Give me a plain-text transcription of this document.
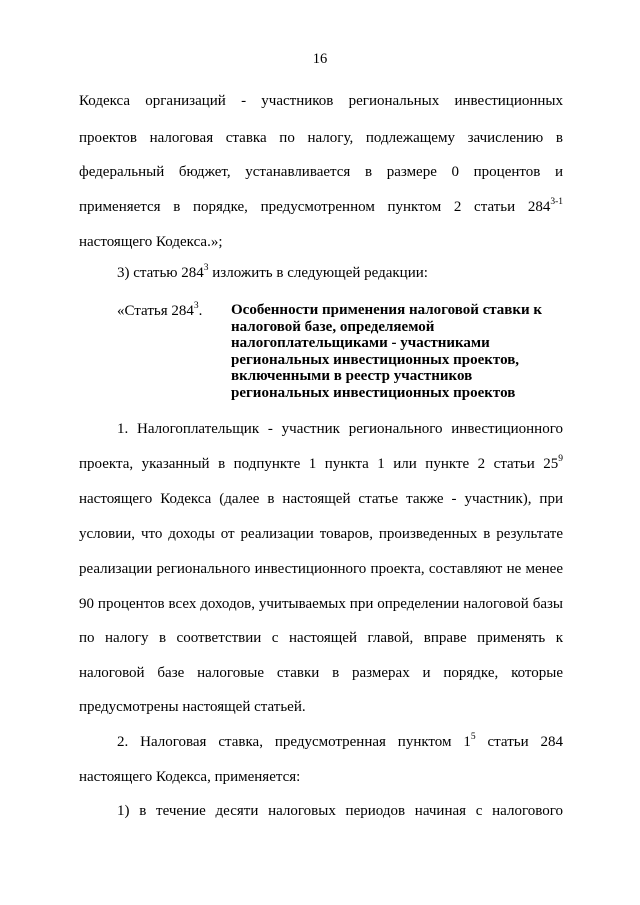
16
Кодекса организаций - участников региональных инвестиционных
проектов налоговая ставка по налогу, подлежащему зачислению в
федеральный бюджет, устанавливается в размере 0 процентов и
применяется в порядке, предусмотренном пунктом 2 статьи 284$^{3-1}$
настоящего Кодекса.»;
3) статью $284^3$ изложить в следующей редакции:
«Статья $284^3$. Особенности применения налоговой ставки к
налоговой базе, определяемой
налогоплательщиками - участниками
региональных инвестиционных проектов,
включенными в реестр участников
региональных инвестиционных проектов
1. Налогоплательщик - участник регионального инвестиционного
проекта, указанный в подпункте 1 пункта 1 или пункте 2 статьи $25^9$
настоящего Кодекса (далее в настоящей статье также - участник), при
условии, что доходы от реализации товаров, произведенных в результате
реализации регионального инвестиционного проекта, составляют не менее
90 процентов всех доходов, учитываемых при определении налоговой базы
по налогу в соответствии с настоящей главой, вправе применять к
налоговой базе налоговые ставки в размерах и порядке, которые
предусмотрены настоящей статьей.
2. Налоговая ставка, предусмотренная пунктом $1^5$ статьи 284
настоящего Кодекса, применяется:
1) в течение десяти налоговых периодов начиная с налогового
